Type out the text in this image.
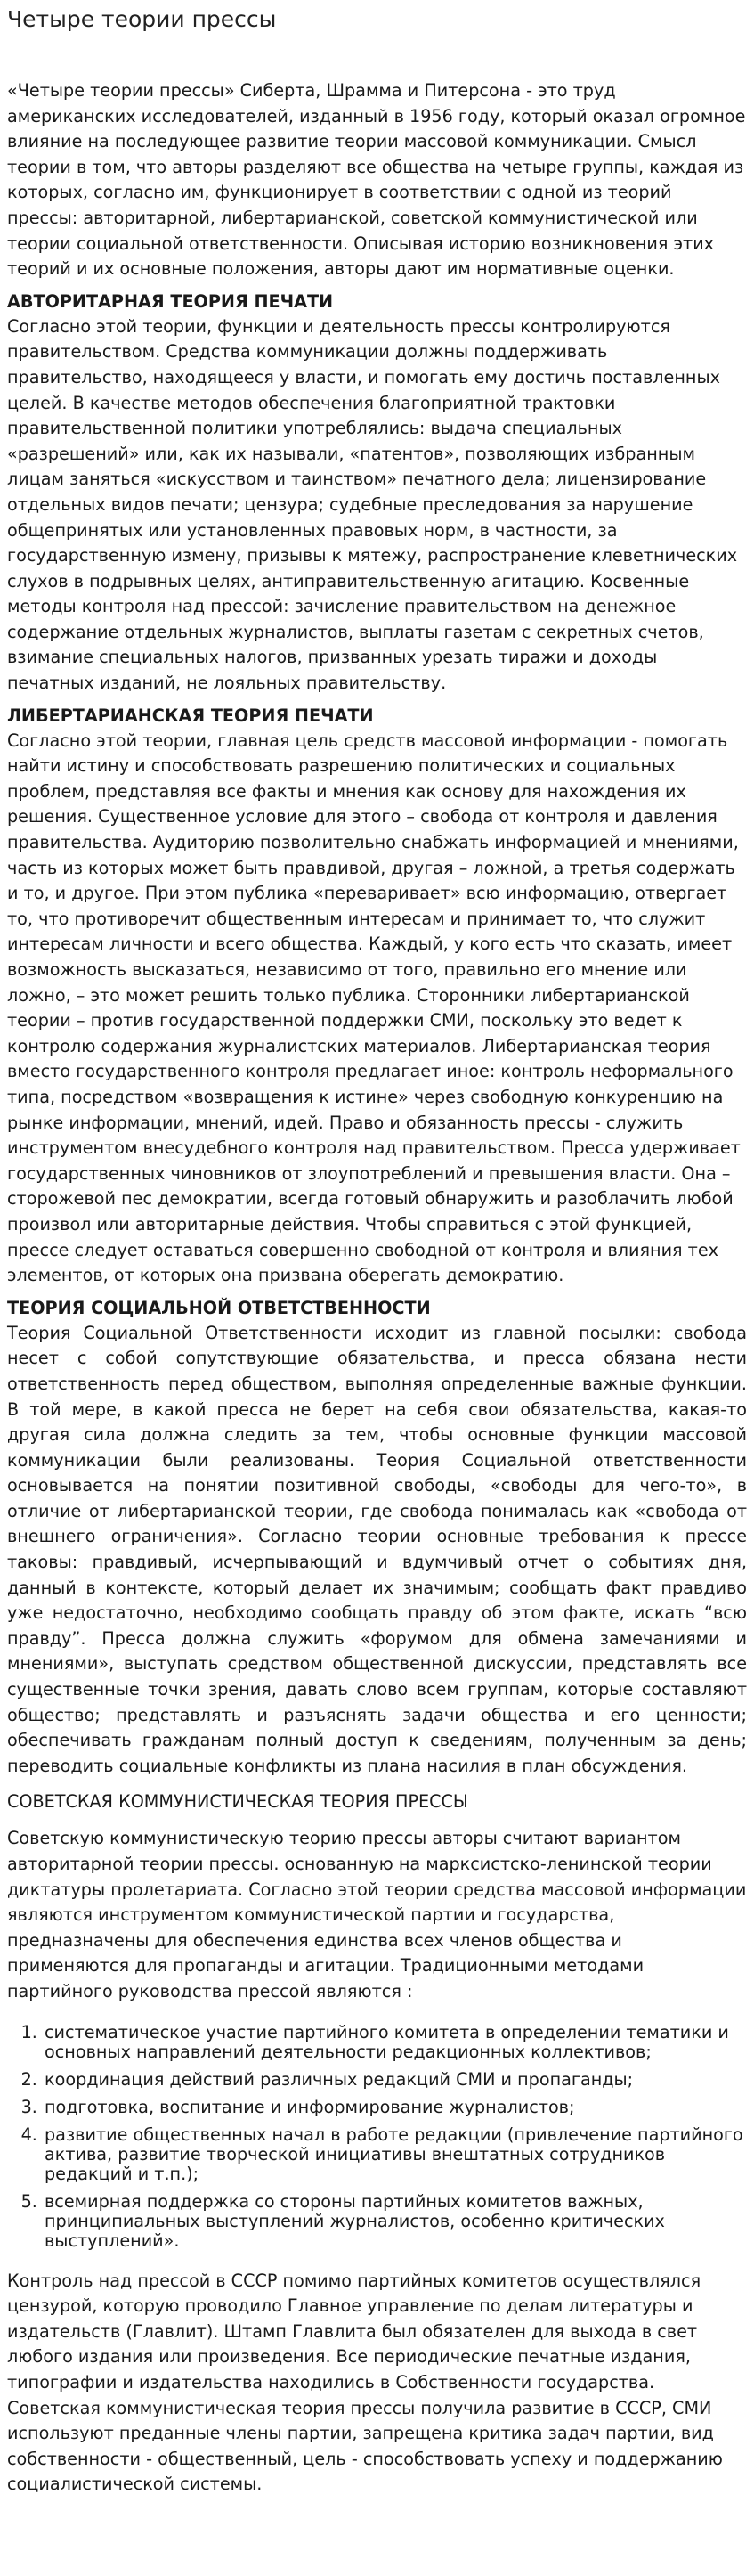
Четыре теории прессы

«Четыре теории прессы» Сиберта, Шрамма и Питерсона - это труд американских исследователей, изданный в 1956 году, который оказал огромное влияние на последующее развитие теории массовой коммуникации. Смысл теории в том, что авторы разделяют все общества на четыре группы, каждая из которых, согласно им, функционирует в соответствии с одной из теорий прессы: авторитарной, либертарианской, советской коммунистической или теории социальной ответственности. Описывая историю возникновения этих теорий и их основные положения, авторы дают им нормативные оценки.

АВТОРИТАРНАЯ ТЕОРИЯ ПЕЧАТИ

Согласно этой теории, функции и деятельность прессы контролируются правительством. Средства коммуникации должны поддерживать правительство, находящееся у власти, и помогать ему достичь поставленных целей. В качестве методов обеспечения благоприятной трактовки правительственной политики употреблялись: выдача специальных «разрешений» или, как их называли, «патентов», позволяющих избранным лицам заняться «искусством и таинством» печатного дела; лицензирование отдельных видов печати; цензура; судебные преследования за нарушение общепринятых или установленных правовых норм, в частности, за государственную измену, призывы к мятежу, распространение клеветнических слухов в подрывных целях, антиправительственную агитацию. Косвенные методы контроля над прессой: зачисление правительством на денежное содержание отдельных журналистов, выплаты газетам с секретных счетов, взимание специальных налогов, призванных урезать тиражи и доходы печатных изданий, не лояльных правительству.

ЛИБЕРТАРИАНСКАЯ ТЕОРИЯ ПЕЧАТИ

Согласно этой теории, главная цель средств массовой информации - помогать найти истину и способствовать разрешению политических и социальных проблем, представляя все факты и мнения как основу для нахождения их решения. Существенное условие для этого – свобода от контроля и давления правительства. Аудиторию позволительно снабжать информацией и мнениями, часть из которых может быть правдивой, другая – ложной, а третья содержать и то, и другое. При этом публика «переваривает» всю информацию, отвергает то, что противоречит общественным интересам и принимает то, что служит интересам личности и всего общества. Каждый, у кого есть что сказать, имеет возможность высказаться, независимо от того, правильно его мнение или ложно, – это может решить только публика. Сторонники либертарианской теории – против государственной поддержки СМИ, поскольку это ведет к контролю содержания журналистских материалов. Либертарианская теория вместо государственного контроля предлагает иное: контроль неформального типа, посредством «возвращения к истине» через свободную конкуренцию на рынке информации, мнений, идей. Право и обязанность прессы - служить инструментом внесудебного контроля над правительством. Пресса удерживает государственных чиновников от злоупотреблений и превышения власти. Она – сторожевой пес демократии, всегда готовый обнаружить и разоблачить любой произвол или авторитарные действия. Чтобы справиться с этой функцией, прессе следует оставаться совершенно свободной от контроля и влияния тех элементов, от которых она призвана оберегать демократию.

ТЕОРИЯ СОЦИАЛЬНОЙ ОТВЕТСТВЕННОСТИ

Теория Социальной Ответственности исходит из главной посылки: свобода несет с собой сопутствующие обязательства, и пресса обязана нести ответственность перед обществом, выполняя определенные важные функции. В той мере, в какой пресса не берет на себя свои обязательства, какая-то другая сила должна следить за тем, чтобы основные функции массовой коммуникации были реализованы. Теория Социальной ответственности основывается на понятии позитивной свободы, «свободы для чего-то», в отличие от либертарианской теории, где свобода понималась как «свобода от внешнего ограничения». Согласно теории основные требования к прессе таковы: правдивый, исчерпывающий и вдумчивый отчет о событиях дня, данный в контексте, который делает их значимым; сообщать факт правдиво уже недостаточно, необходимо сообщать правду об этом факте, искать “всю правду”. Пресса должна служить «форумом для обмена замечаниями и мнениями», выступать средством общественной дискуссии, представлять все существенные точки зрения, давать слово всем группам, которые составляют общество; представлять и разъяснять задачи общества и его ценности; обеспечивать гражданам полный доступ к сведениям, полученным за день; переводить социальные конфликты из плана насилия в план обсуждения.

СОВЕТСКАЯ КОММУНИСТИЧЕСКАЯ ТЕОРИЯ ПРЕССЫ

Советскую коммунистическую теорию прессы авторы считают вариантом авторитарной теории прессы. основанную на марксистско-ленинской теории диктатуры пролетариата. Согласно этой теории средства массовой информации являются инструментом коммунистической партии и государства, предназначены для обеспечения единства всех членов общества и применяются для пропаганды и агитации. Традиционными методами партийного руководства прессой являются :

1. систематическое участие партийного комитета в определении тематики и основных направлений деятельности редакционных коллективов;
2. координация действий различных редакций СМИ и пропаганды;
3. подготовка, воспитание и информирование журналистов;
4. развитие общественных начал в работе редакции (привлечение партийного актива, развитие творческой инициативы внештатных сотрудников редакций и т.п.);
5. всемирная поддержка со стороны партийных комитетов важных, принципиальных выступлений журналистов, особенно критических выступлений».

Контроль над прессой в СССР помимо партийных комитетов осуществлялся цензурой, которую проводило Главное управление по делам литературы и издательств (Главлит). Штамп Главлита был обязателен для выхода в свет любого издания или произведения. Все периодические печатные издания, типографии и издательства находились в Собственности государства. Советская коммунистическая теория прессы получила развитие в СССР, СМИ используют преданные члены партии, запрещена критика задач партии, вид собственности - общественный, цель - способствовать успеху и поддержанию социалистической системы.
